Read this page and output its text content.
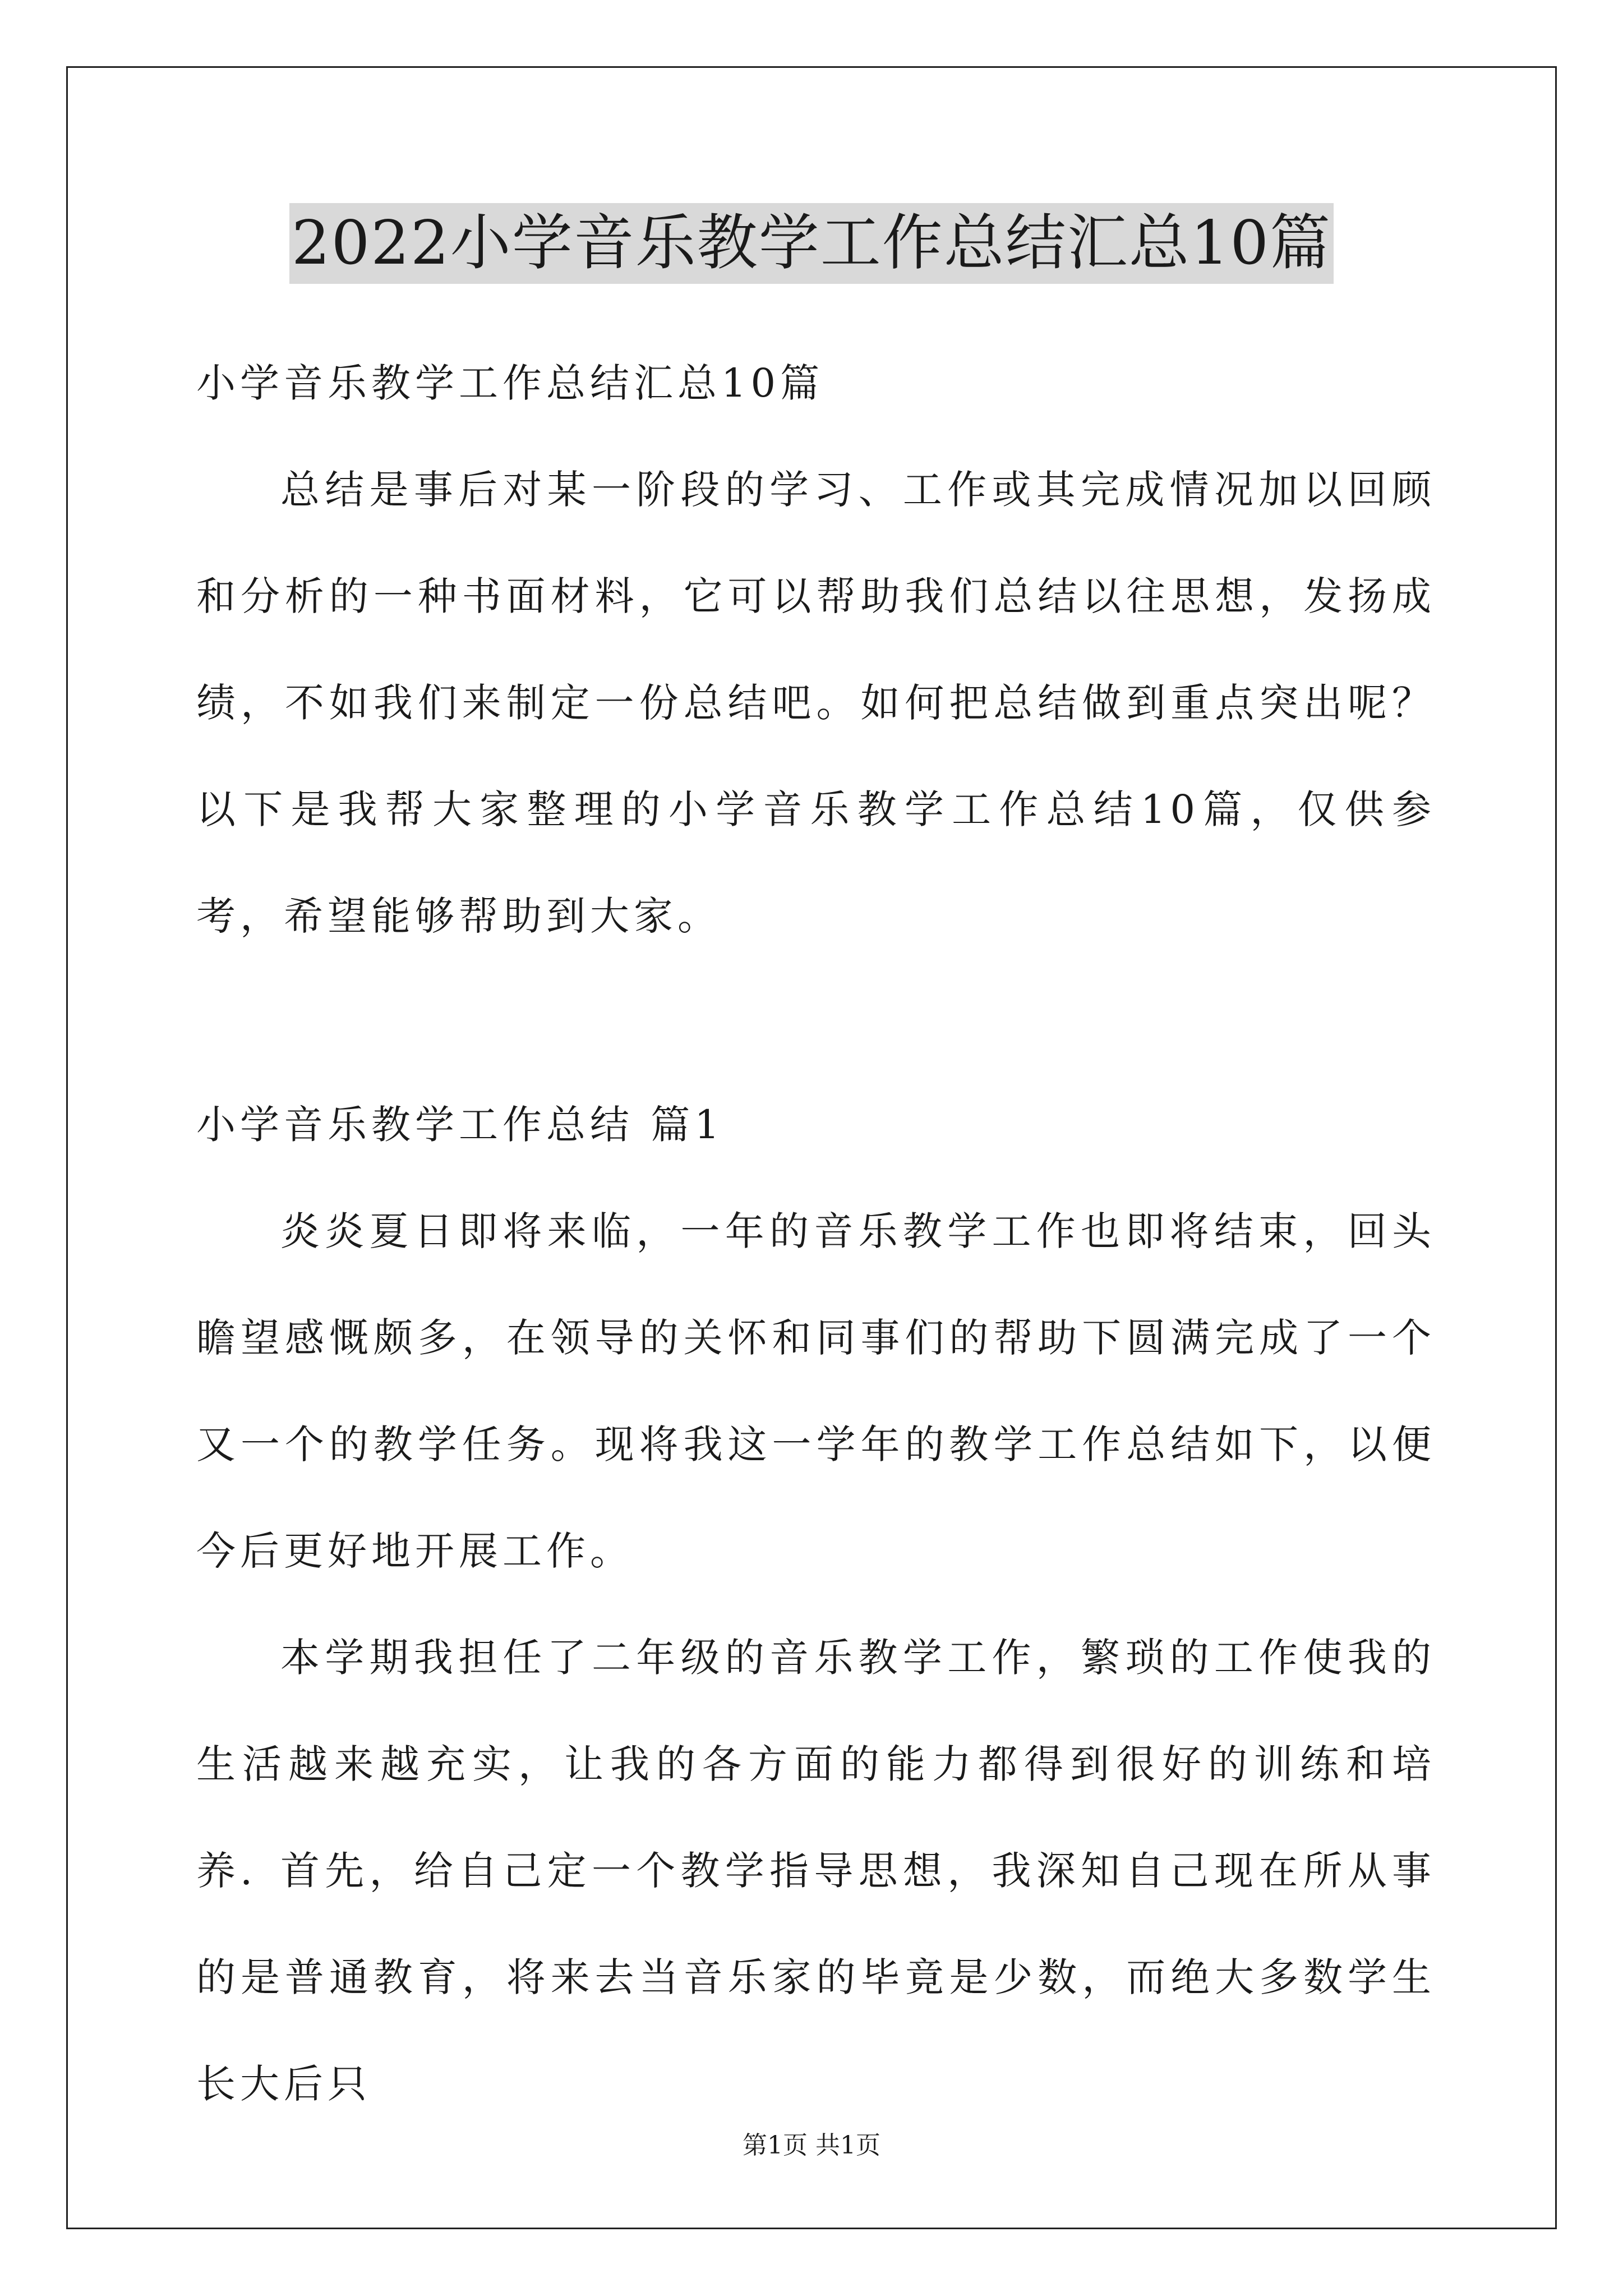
2022小学音乐教学工作总结汇总10篇

小学音乐教学工作总结汇总10篇

总结是事后对某一阶段的学习、工作或其完成情况加以回顾和分析的一种书面材料，它可以帮助我们总结以往思想，发扬成绩，不如我们来制定一份总结吧。如何把总结做到重点突出呢？以下是我帮大家整理的小学音乐教学工作总结10篇，仅供参考，希望能够帮助到大家。

小学音乐教学工作总结 篇1

炎炎夏日即将来临，一年的音乐教学工作也即将结束，回头瞻望感慨颇多，在领导的关怀和同事们的帮助下圆满完成了一个又一个的教学任务。现将我这一学年的教学工作总结如下，以便今后更好地开展工作。

本学期我担任了二年级的音乐教学工作，繁琐的工作使我的生活越来越充实，让我的各方面的能力都得到很好的训练和培养. 首先，给自己定一个教学指导思想，我深知自己现在所从事的是普通教育，将来去当音乐家的毕竟是少数，而绝大多数学生长大后只

第1页 共1页
